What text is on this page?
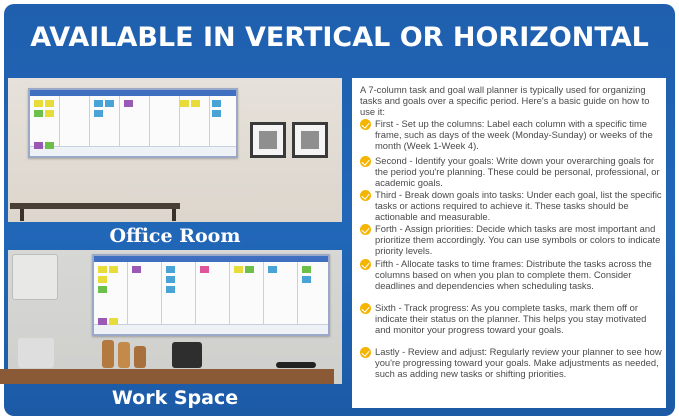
AVAILABLE IN VERTICAL OR HORIZONTAL
Office Room
Work Space
A 7-column task and goal wall planner is typically used for organizing tasks and goals over a specific period. Here's a basic guide on how to use it:
First - Set up the columns: Label each column with a specific time frame, such as days of the week (Monday-Sunday) or weeks of the month (Week 1-Week 4).
Second - Identify your goals: Write down your overarching goals for the period you're planning. These could be personal, professional, or academic goals.
Third - Break down goals into tasks: Under each goal, list the specific tasks or actions required to achieve it. These tasks should be actionable and measurable.
Forth - Assign priorities: Decide which tasks are most important and prioritize them accordingly. You can use symbols or colors to indicate priority levels.
Fifth - Allocate tasks to time frames: Distribute the tasks across the columns based on when you plan to complete them. Consider deadlines and dependencies when scheduling tasks.
Sixth - Track progress: As you complete tasks, mark them off or indicate their status on the planner. This helps you stay motivated and monitor your progress toward your goals.
Lastly - Review and adjust: Regularly review your planner to see how you're progressing toward your goals. Make adjustments as needed, such as adding new tasks or shifting priorities.
